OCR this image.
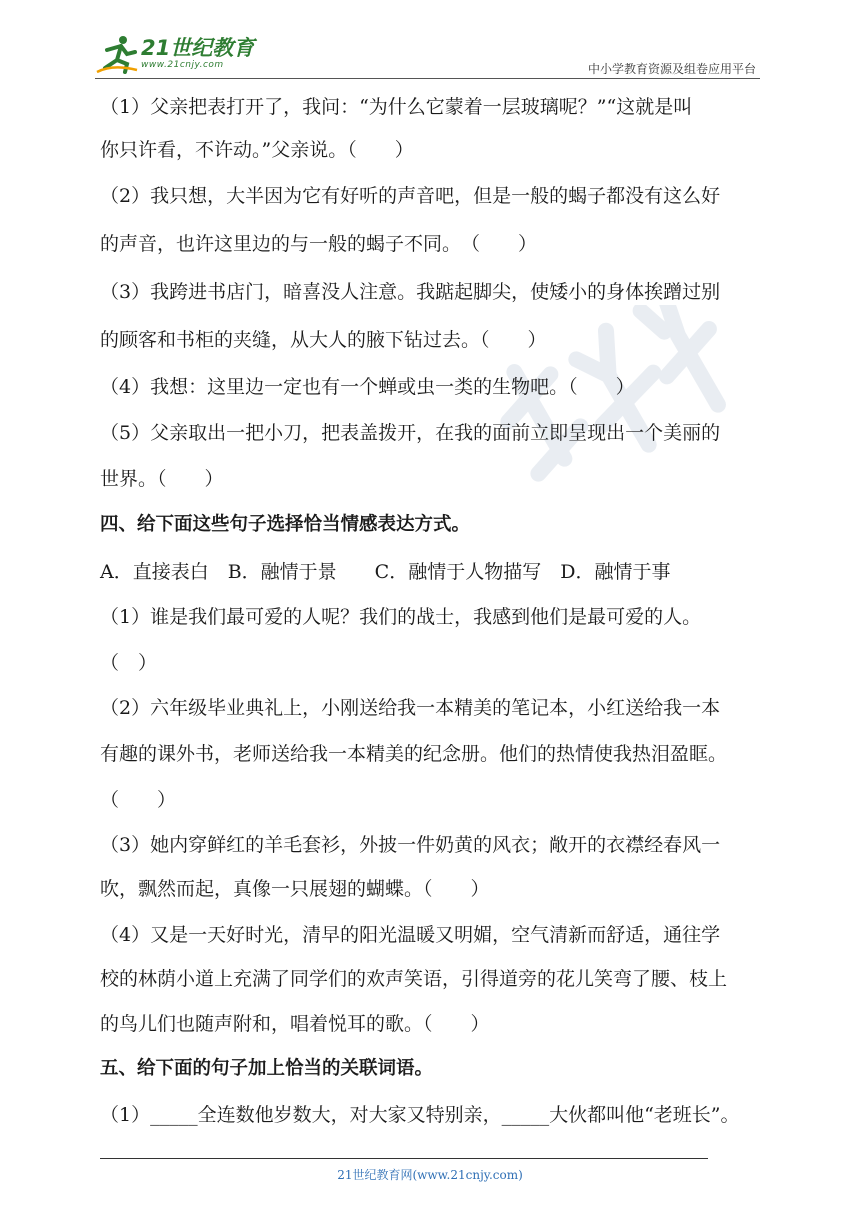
21世纪教育
www.21cnjy.com	中小学教育资源及组卷应用平台
（1）父亲把表打开了，我问：“为什么它蒙着一层玻璃呢？”“这就是叫
你只许看，不许动。”父亲说。（　　）
（2）我只想，大半因为它有好听的声音吧，但是一般的蝎子都没有这么好
的声音，也许这里边的与一般的蝎子不同。　（　　）
（3）我跨进书店门，暗喜没人注意。我踮起脚尖，使矮小的身体挨蹭过别
的顾客和书柜的夹缝，从大人的腋下钻过去。（　　）
（4）我想：这里边一定也有一个蝉或虫一类的生物吧。（　　）
（5）父亲取出一把小刀，把表盖拨开，在我的面前立即呈现出一个美丽的
世界。（　　）
四、给下面这些句子选择恰当情感表达方式。
A．直接表白　B．融情于景　　C．融情于人物描写　D．融情于事
（1）谁是我们最可爱的人呢？我们的战士，我感到他们是最可爱的人。
（　）
（2）六年级毕业典礼上，小刚送给我一本精美的笔记本，小红送给我一本
有趣的课外书，老师送给我一本精美的纪念册。他们的热情使我热泪盈眶。
（　　）
（3）她内穿鲜红的羊毛套衫，外披一件奶黄的风衣；敞开的衣襟经春风一
吹，飘然而起，真像一只展翅的蝴蝶。（　　）
（4）又是一天好时光，清早的阳光温暖又明媚，空气清新而舒适，通往学
校的林荫小道上充满了同学们的欢声笑语，引得道旁的花儿笑弯了腰、枝上
的鸟儿们也随声附和，唱着悦耳的歌。（　　）
五、给下面的句子加上恰当的关联词语。
（1）_____全连数他岁数大，对大家又特别亲，_____大伙都叫他“老班长”。
21世纪教育网(www.21cnjy.com)
